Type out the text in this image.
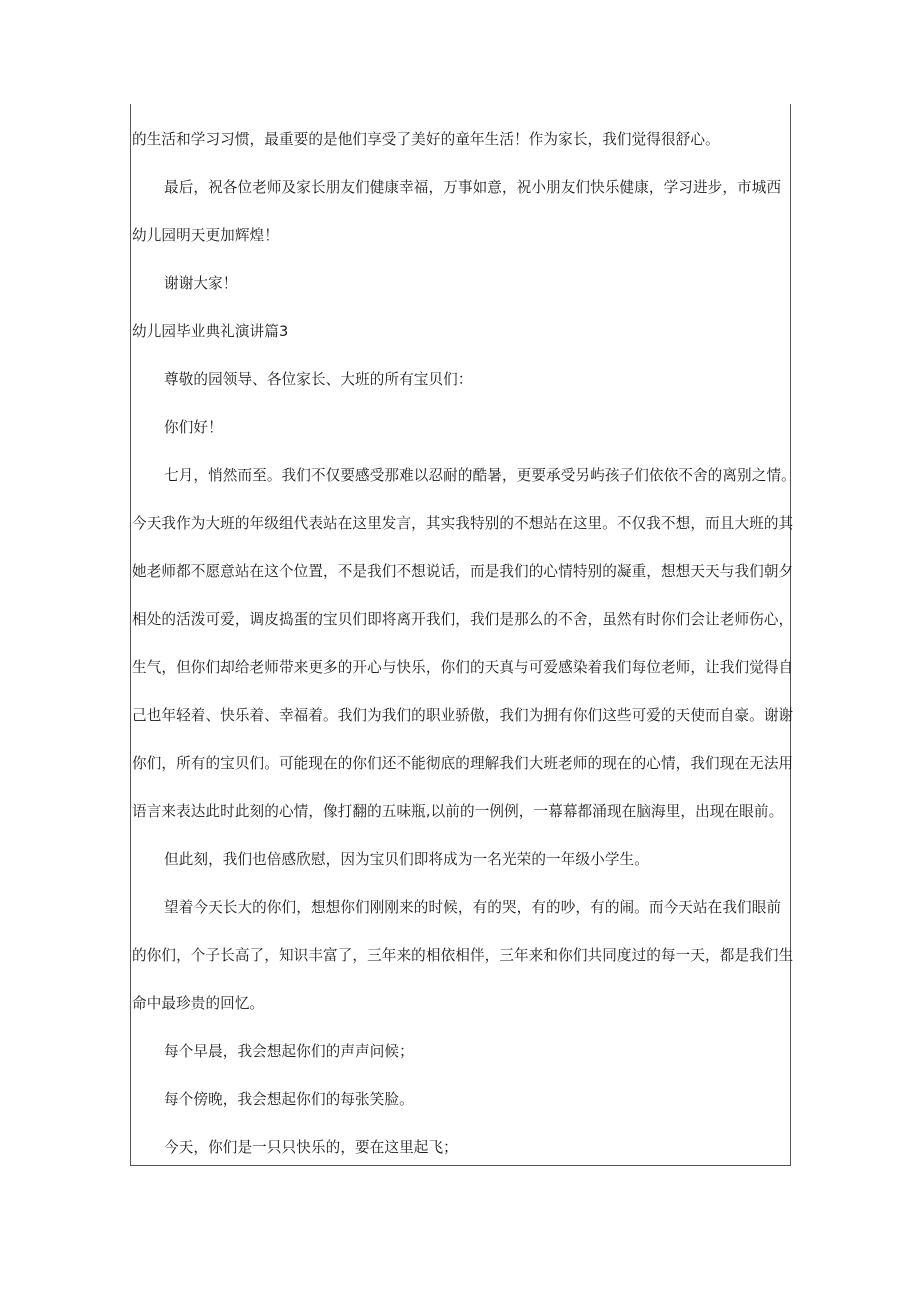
的生活和学习习惯，最重要的是他们享受了美好的童年生活！作为家长，我们觉得很舒心。
最后，祝各位老师及家长朋友们健康幸福，万事如意，祝小朋友们快乐健康，学习进步，市城西
幼儿园明天更加辉煌！
谢谢大家！
幼儿园毕业典礼演讲篇3
尊敬的园领导、各位家长、大班的所有宝贝们：
你们好！
七月，悄然而至。我们不仅要感受那难以忍耐的酷暑，更要承受另屿孩子们依依不舍的离别之情。
今天我作为大班的年级组代表站在这里发言，其实我特别的不想站在这里。不仅我不想，而且大班的其
她老师都不愿意站在这个位置，不是我们不想说话，而是我们的心情特别的凝重，想想天天与我们朝夕
相处的活泼可爱，调皮捣蛋的宝贝们即将离开我们，我们是那么的不舍，虽然有时你们会让老师伤心，
生气，但你们却给老师带来更多的开心与快乐，你们的天真与可爱感染着我们每位老师，让我们觉得自
己也年轻着、快乐着、幸福着。我们为我们的职业骄傲，我们为拥有你们这些可爱的天使而自豪。谢谢
你们，所有的宝贝们。可能现在的你们还不能彻底的理解我们大班老师的现在的心情，我们现在无法用
语言来表达此时此刻的心情，像打翻的五味瓶,以前的一例例，一幕幕都涌现在脑海里，出现在眼前。
但此刻，我们也倍感欣慰，因为宝贝们即将成为一名光荣的一年级小学生。
望着今天长大的你们，想想你们刚刚来的时候，有的哭，有的吵，有的闹。而今天站在我们眼前
的你们，个子长高了，知识丰富了，三年来的相依相伴，三年来和你们共同度过的每一天，都是我们生
命中最珍贵的回忆。
每个早晨，我会想起你们的声声问候；
每个傍晚，我会想起你们的每张笑脸。
今天，你们是一只只快乐的，要在这里起飞；
